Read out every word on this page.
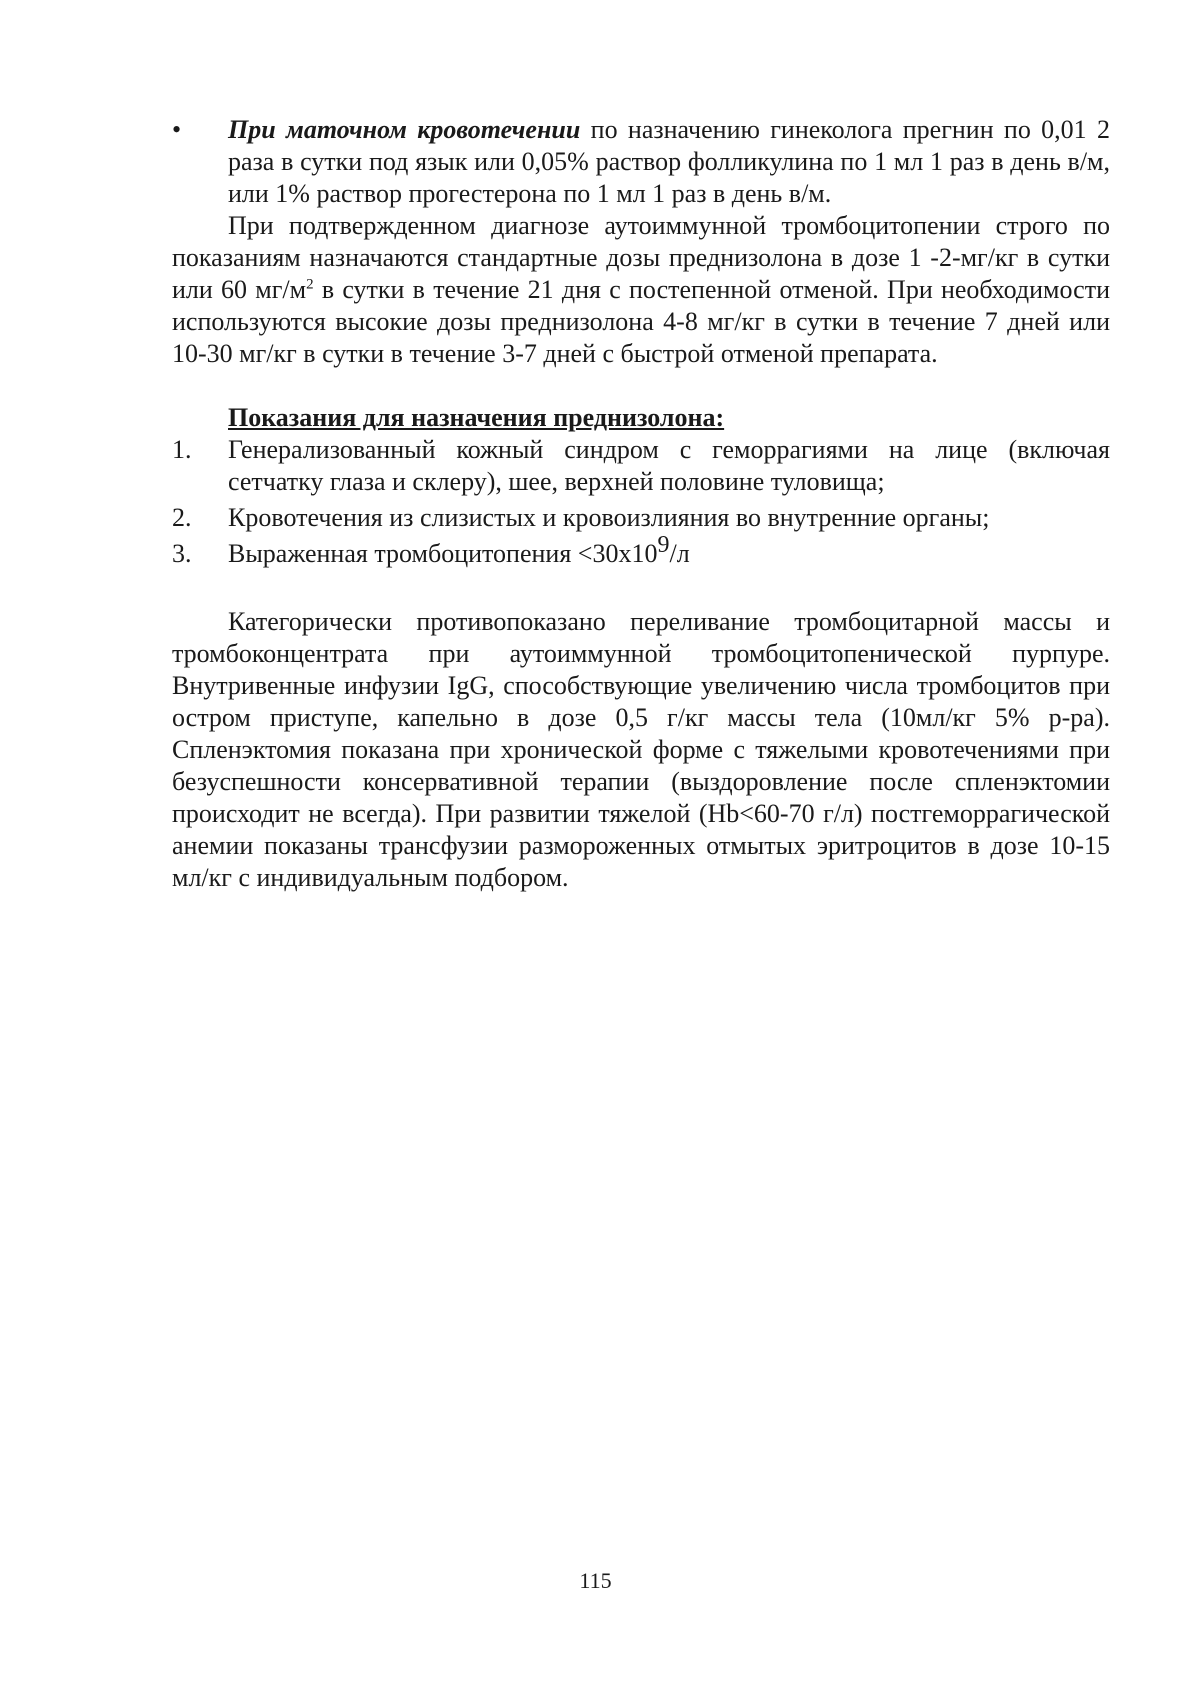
•	При маточном кровотечении по назначению гинеколога прегнин по 0,01 2 раза в сутки под язык или 0,05% раствор фолликулина по 1 мл 1 раз в день в/м, или 1% раствор прогестерона по 1 мл 1 раз в день в/м.

При подтвержденном диагнозе аутоиммунной тромбоцитопении строго по показаниям назначаются стандартные дозы преднизолона в дозе 1 -2-мг/кг в сутки или 60 $мг/м^2$ в сутки в течение 21 дня с постепенной отменой. При необходимости используются высокие дозы преднизолона 4-8 мг/кг в сутки в течение 7 дней или 10-30 мг/кг в сутки в течение 3-7 дней с быстрой отменой препарата.

Показания для назначения преднизолона:
1.	Генерализованный кожный синдром с геморрагиями на лице (включая сетчатку глаза и склеру), шее, верхней половине туловища;
2.	Кровотечения из слизистых и кровоизлияния во внутренние органы;
3.	Выраженная тромбоцитопения <30x109/л

Категорически противопоказано переливание тромбоцитарной массы и тромбоконцентрата при аутоиммунной тромбоцитопенической пурпуре. Внутривенные инфузии IgG, способствующие увеличению числа тромбоцитов при остром приступе, капельно в дозе 0,5 г/кг массы тела (10мл/кг 5% р-ра). Спленэктомия показана при хронической форме с тяжелыми кровотечениями при безуспешности консервативной терапии (выздоровление после спленэктомии происходит не всегда). При развитии тяжелой (Hb<60-70 г/л) постгеморрагической анемии показаны трансфузии размороженных отмытых эритроцитов в дозе 10-15 мл/кг с индивидуальным подбором.

115
